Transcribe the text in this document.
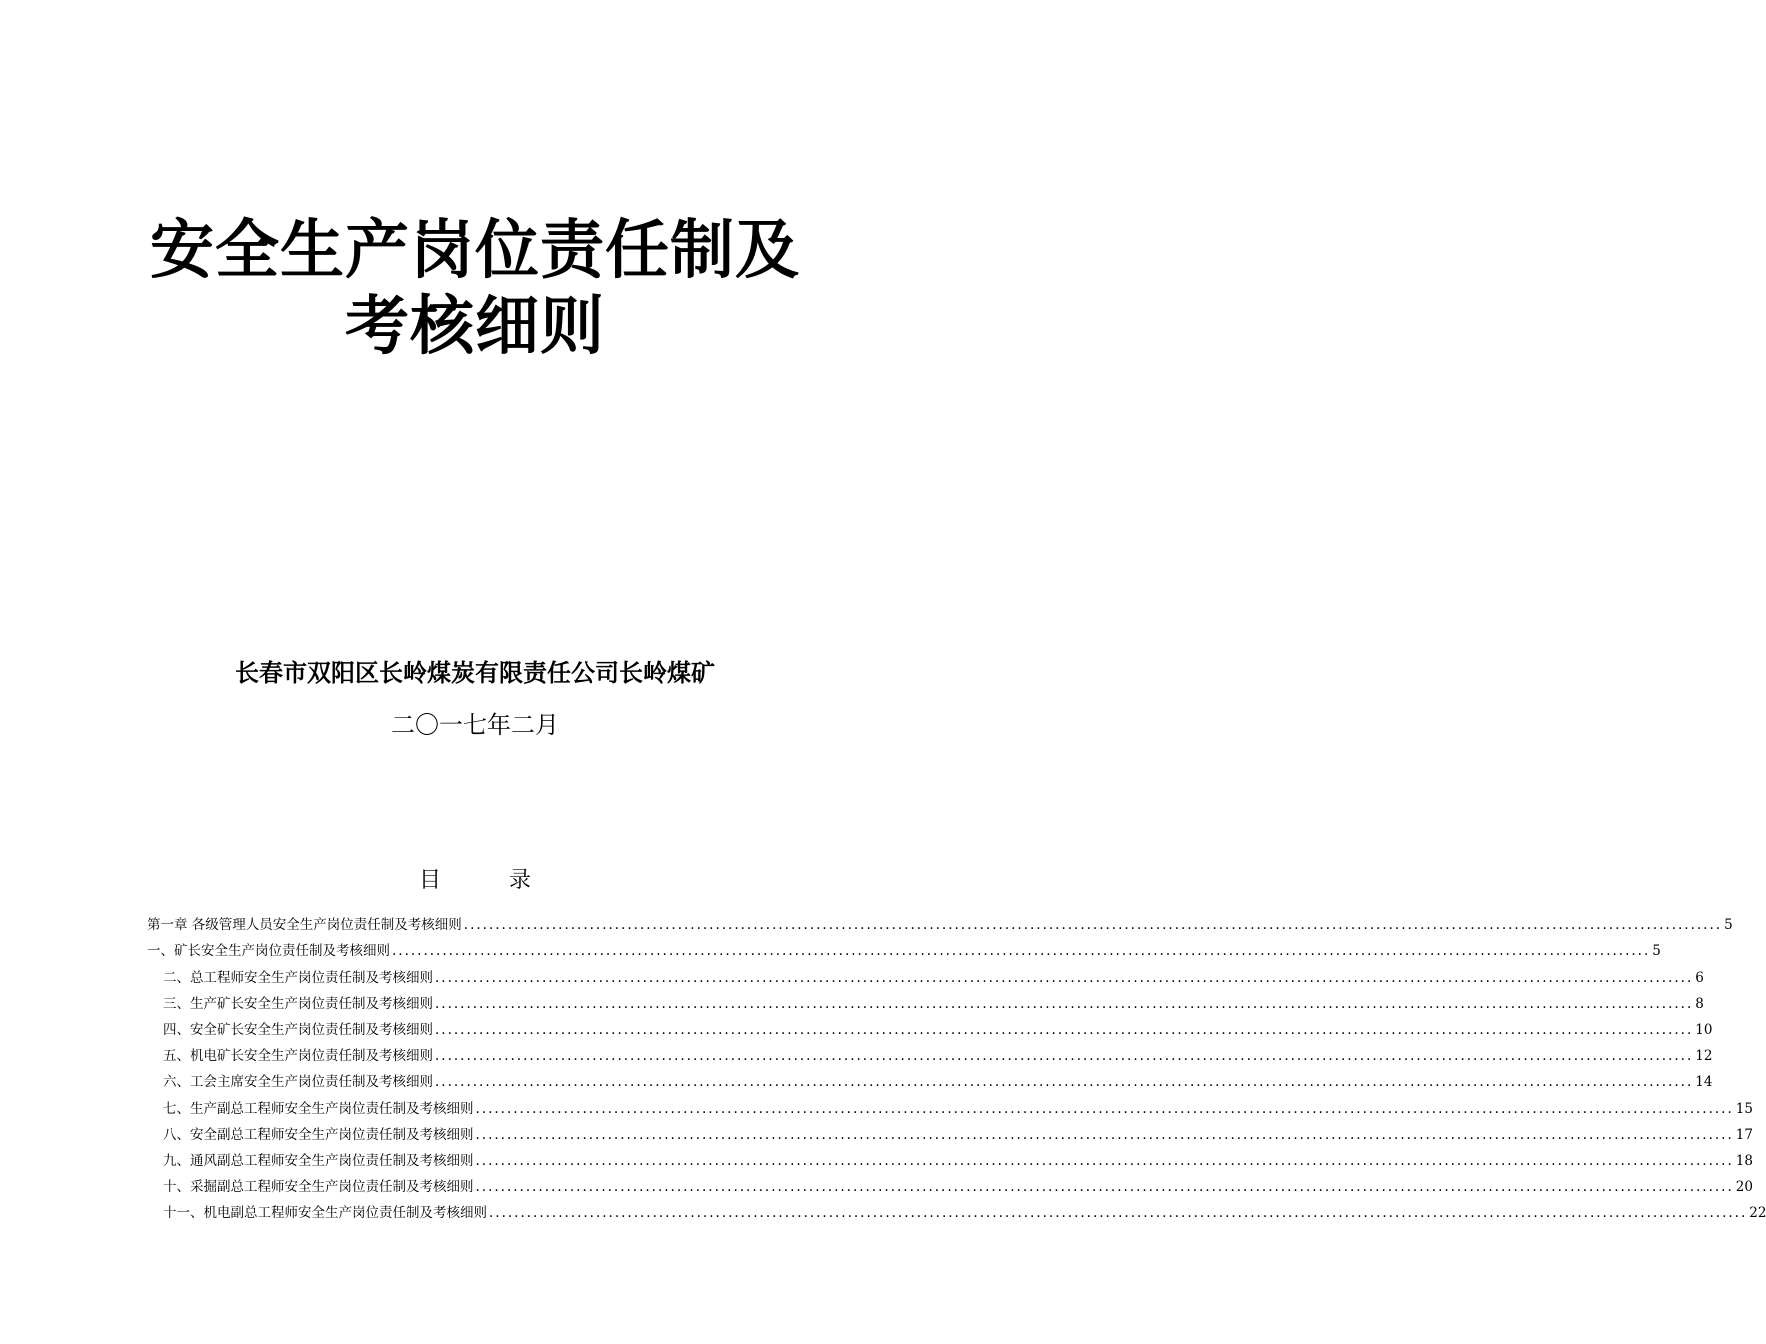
安全生产岗位责任制及
考核细则
长春市双阳区长岭煤炭有限责任公司长岭煤矿
二〇一七年二月
目	录
第一章 各级管理人员安全生产岗位责任制及考核细则 ........................................................................................................................................................................................................ 5
一、矿长安全生产岗位责任制及考核细则 ........................................................................................................................................................................................................ 5
二、总工程师安全生产岗位责任制及考核细则 ........................................................................................................................................................................................................ 6
三、生产矿长安全生产岗位责任制及考核细则 ........................................................................................................................................................................................................ 8
四、安全矿长安全生产岗位责任制及考核细则 ........................................................................................................................................................................................................ 10
五、机电矿长安全生产岗位责任制及考核细则 ........................................................................................................................................................................................................ 12
六、工会主席安全生产岗位责任制及考核细则 ........................................................................................................................................................................................................ 14
七、生产副总工程师安全生产岗位责任制及考核细则 ........................................................................................................................................................................................................ 15
八、安全副总工程师安全生产岗位责任制及考核细则 ........................................................................................................................................................................................................ 17
九、通风副总工程师安全生产岗位责任制及考核细则 ........................................................................................................................................................................................................ 18
十、采掘副总工程师安全生产岗位责任制及考核细则 ........................................................................................................................................................................................................ 20
十一、机电副总工程师安全生产岗位责任制及考核细则 ........................................................................................................................................................................................................ 22
